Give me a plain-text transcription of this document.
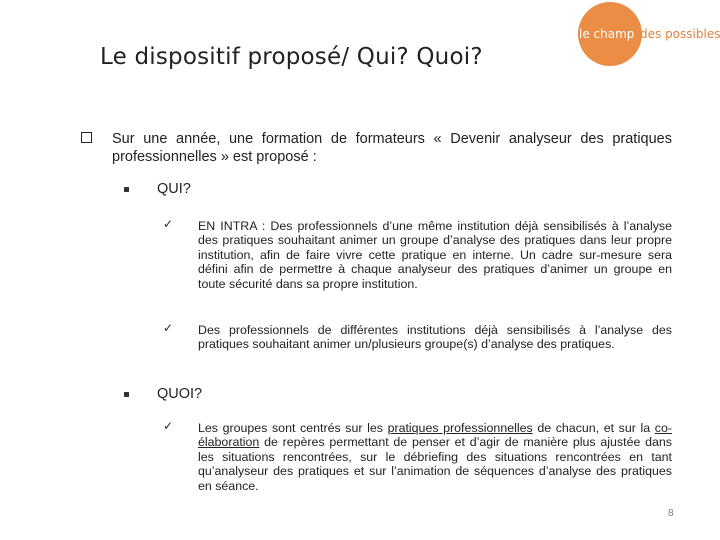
Le dispositif proposé/ Qui? Quoi?
le champ des possibles
Sur une année, une formation de formateurs « Devenir analyseur des pratiques professionnelles » est proposé :
QUI?
✓ EN INTRA : Des professionnels d’une même institution déjà sensibilisés à l’analyse des pratiques souhaitant animer un groupe d’analyse des pratiques dans leur propre institution, afin de faire vivre cette pratique en interne. Un cadre sur-mesure sera défini afin de permettre à chaque analyseur des pratiques d’animer un groupe en toute sécurité dans sa propre institution.
✓ Des professionnels de différentes institutions déjà sensibilisés à l’analyse des pratiques souhaitant animer un/plusieurs groupe(s) d’analyse des pratiques.
QUOI?
✓ Les groupes sont centrés sur les pratiques professionnelles de chacun, et sur la co-élaboration de repères permettant de penser et d’agir de manière plus ajustée dans les situations rencontrées, sur le débriefing des situations rencontrées en tant qu’analyseur des pratiques et sur l’animation de séquences d’analyse des pratiques en séance.
8
